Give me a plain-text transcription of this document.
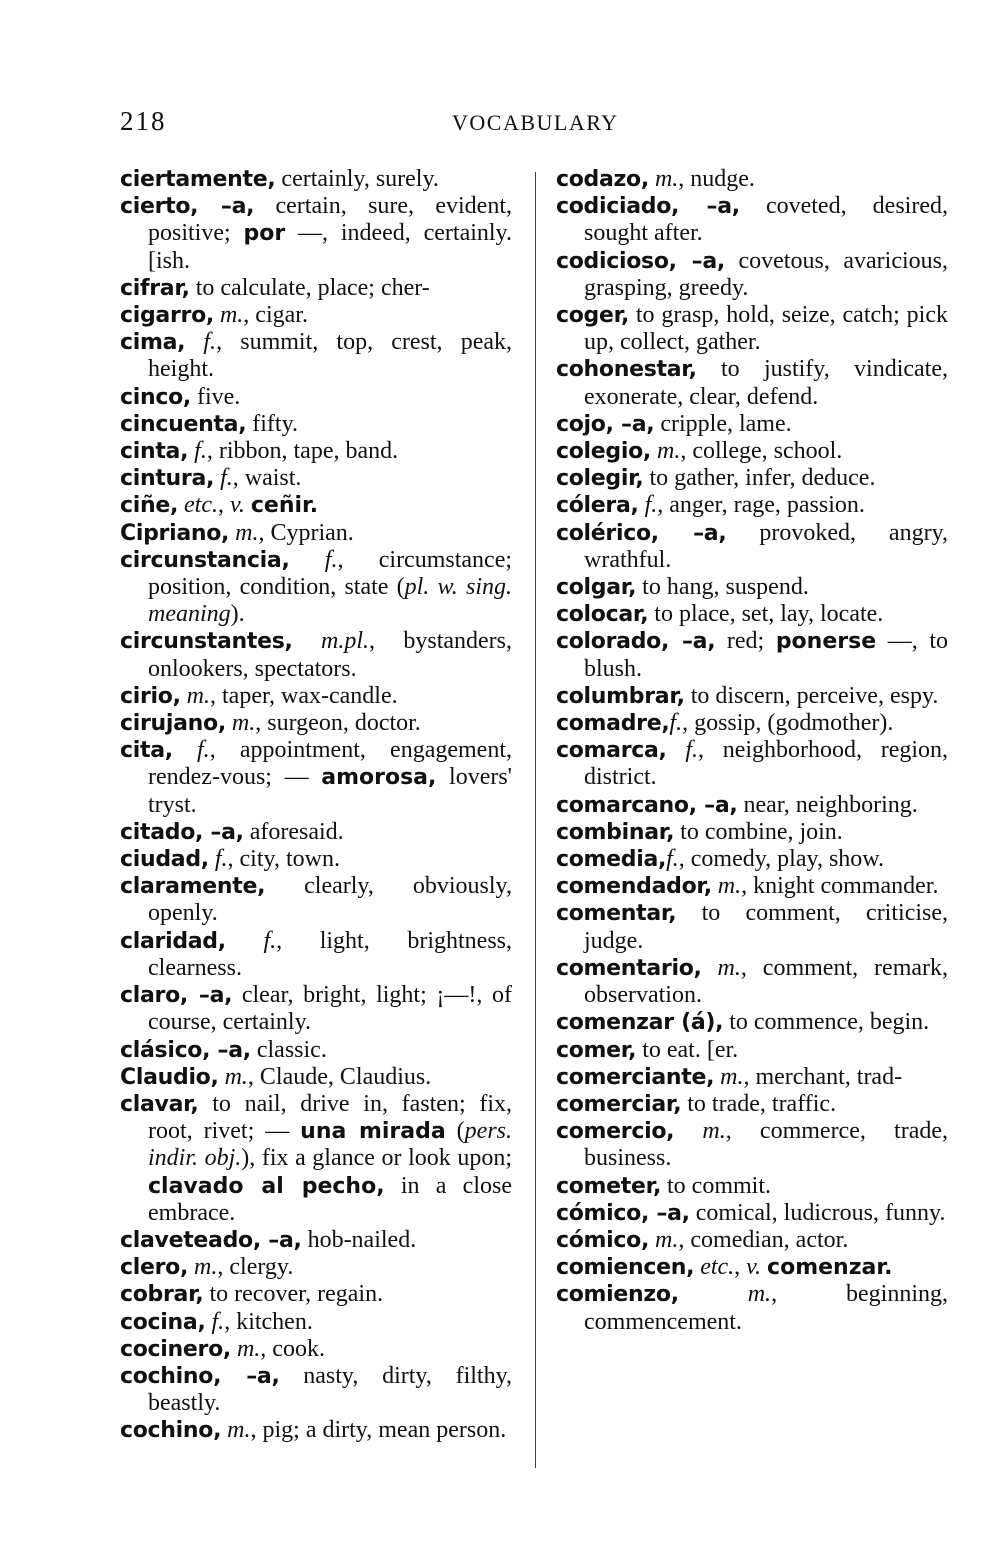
218	VOCABULARY
ciertamente, certainly, surely.
cierto, –a, certain, sure, evident, positive; por —, indeed, certainly. [ish.
cifrar, to calculate, place; cher-
cigarro, m., cigar.
cima, f., summit, top, crest, peak, height.
cinco, five.
cincuenta, fifty.
cinta, f., ribbon, tape, band.
cintura, f., waist.
ciñe, etc., v. ceñir.
Cipriano, m., Cyprian.
circunstancia, f., circumstance; position, condition, state (pl. w. sing. meaning).
circunstantes, m.pl., bystanders, onlookers, spectators.
cirio, m., taper, wax-candle.
cirujano, m., surgeon, doctor.
cita, f., appointment, engagement, rendez-vous; — amorosa, lovers' tryst.
citado, –a, aforesaid.
ciudad, f., city, town.
claramente, clearly, obviously, openly.
claridad, f., light, brightness, clearness.
claro, –a, clear, bright, light; ¡—!, of course, certainly.
clásico, –a, classic.
Claudio, m., Claude, Claudius.
clavar, to nail, drive in, fasten; fix, root, rivet; — una mirada (pers. indir. obj.), fix a glance or look upon; clavado al pecho, in a close embrace.
claveteado, –a, hob-nailed.
clero, m., clergy.
cobrar, to recover, regain.
cocina, f., kitchen.
cocinero, m., cook.
cochino, –a, nasty, dirty, filthy, beastly.
cochino, m., pig; a dirty, mean person.
codazo, m., nudge.
codiciado, –a, coveted, desired, sought after.
codicioso, –a, covetous, avaricious, grasping, greedy.
coger, to grasp, hold, seize, catch; pick up, collect, gather.
cohonestar, to justify, vindicate, exonerate, clear, defend.
cojo, –a, cripple, lame.
colegio, m., college, school.
colegir, to gather, infer, deduce.
cólera, f., anger, rage, passion.
colérico, –a, provoked, angry, wrathful.
colgar, to hang, suspend.
colocar, to place, set, lay, locate.
colorado, –a, red; ponerse —, to blush.
columbrar, to discern, perceive, espy.
comadre,f., gossip, (godmother).
comarca, f., neighborhood, region, district.
comarcano, –a, near, neighboring.
combinar, to combine, join.
comedia,f., comedy, play, show.
comendador, m., knight commander.
comentar, to comment, criticise, judge.
comentario, m., comment, remark, observation.
comenzar (á), to commence, begin.
comer, to eat. [er.
comerciante, m., merchant, trad-
comerciar, to trade, traffic.
comercio, m., commerce, trade, business.
cometer, to commit.
cómico, –a, comical, ludicrous, funny.
cómico, m., comedian, actor.
comiencen, etc., v. comenzar.
comienzo,	m., beginning, commencement.
